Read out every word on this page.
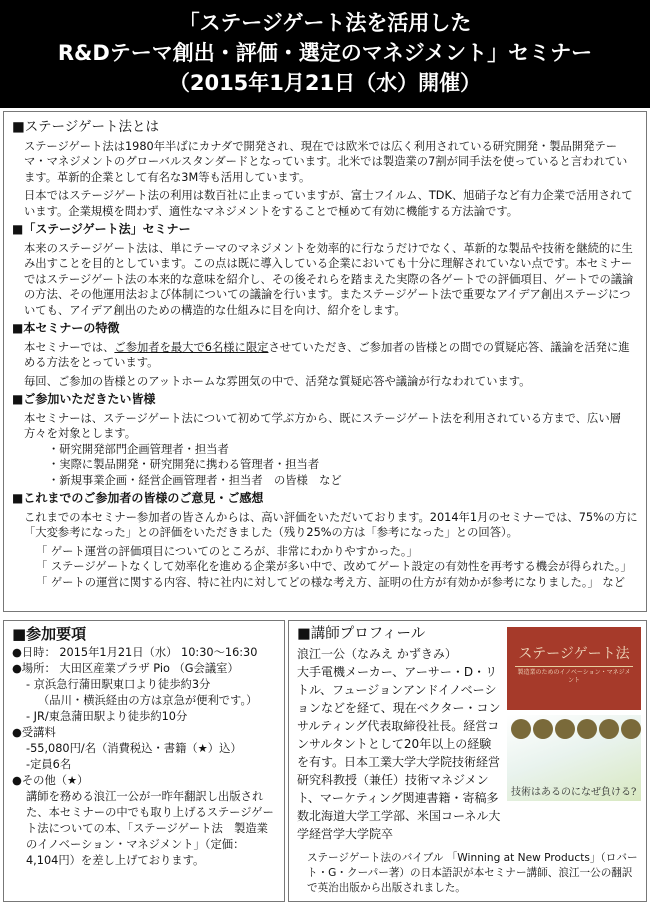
「ステージゲート法を活用した
R&Dテーマ創出・評価・選定のマネジメント」セミナー
（2015年1月21日（水）開催）
■ステージゲート法とは

ステージゲート法は1980年半ばにカナダで開発され、現在では欧米では広く利用されている研究開発・製品開発テーマ・マネジメントのグローバルスタンダードとなっています。北米では製造業の7割が同手法を使っていると言われています。革新的企業として有名な3M等も活用しています。

日本ではステージゲート法の利用は数百社に止まっていますが、富士フイルム、TDK、旭硝子など有力企業で活用されています。企業規模を問わず、適性なマネジメントをすることで極めて有効に機能する方法論です。

■「ステージゲート法」セミナー

本来のステージゲート法は、単にテーマのマネジメントを効率的に行なうだけでなく、革新的な製品や技術を継続的に生み出すことを目的としています。この点は既に導入している企業においても十分に理解されていない点です。本セミナーではステージゲート法の本来的な意味を紹介し、その後それらを踏まえた実際の各ゲートでの評価項目、ゲートでの議論の方法、その他運用法および体制についての議論を行います。またステージゲート法で重要なアイデア創出ステージについても、アイデア創出のための構造的な仕組みに目を向け、紹介をします。

■本セミナーの特徴

本セミナーでは、ご参加者を最大で6名様に限定させていただき、ご参加者の皆様との間での質疑応答、議論を活発に進める方法をとっています。

毎回、ご参加の皆様とのアットホームな雰囲気の中で、活発な質疑応答や議論が行なわれています。

■ご参加いただきたい皆様

本セミナーは、ステージゲート法について初めて学ぶ方から、既にステージゲート法を利用されている方まで、広い層方々を対象とします。

・研究開発部門企画管理者・担当者
・実際に製品開発・研究開発に携わる管理者・担当者
・新規事業企画・経営企画管理者・担当者　の皆様　など
■これまでのご参加者の皆様のご意見・ご感想

これまでの本セミナー参加者の皆さんからは、高い評価をいただいております。2014年1月のセミナーでは、75%の方に「大変参考になった」との評価をいただきました（残り25%の方は「参考になった」との回答）。

「 ゲート運営の評価項目についてのところが、非常にわかりやすかった。」
「 ステージゲートなくして効率化を進める企業が多い中で、改めてゲート設定の有効性を再考する機会が得られた。」
「 ゲートの運営に関する内容、特に社内に対してどの様な考え方、証明の仕方が有効かが参考になりました。」 など
■参加要項
●日時： 2015年1月21日（水） 10:30～16:30
●場所： 大田区産業プラザ Pio （G会議室）
- 京浜急行蒲田駅東口より徒歩約3分
（品川・横浜経由の方は京急が便利です。）
- JR/東急蒲田駅より徒歩約10分
●受講料
-55,080円/名（消費税込・書籍（★）込）
-定員6名
●その他（★）
講師を務める浪江一公が一昨年翻訳し出版された、本セミナーの中でも取り上げるステージゲート法についての本、「ステージゲート法　製造業のイノベーション・マネジメント」（定価：4,104円）を差し上げております。
■講師プロフィール
浪江一公（なみえ かずきみ）
大手電機メーカー、アーサー・D・リトル、フュージョンアンドイノベーションなどを経て、現在ベクター・コンサルティング代表取締役社長。経営コンサルタントとして20年以上の経験を有す。日本工業大学大学院技術経営研究科教授（兼任）技術マネジメント、マーケティング関連書籍・寄稿多数北海道大学工学部、米国コーネル大学経営学大学院卒
ステージゲート法
製造業のためのイノベーション・マネジメント
技術はあるのになぜ負ける?
ステージゲート法のバイブル 「Winning at New Products」（ロバート・G・クーパー著）の日本語訳が本セミナー講師、浪江一公の翻訳で英治出版から出版されました。
